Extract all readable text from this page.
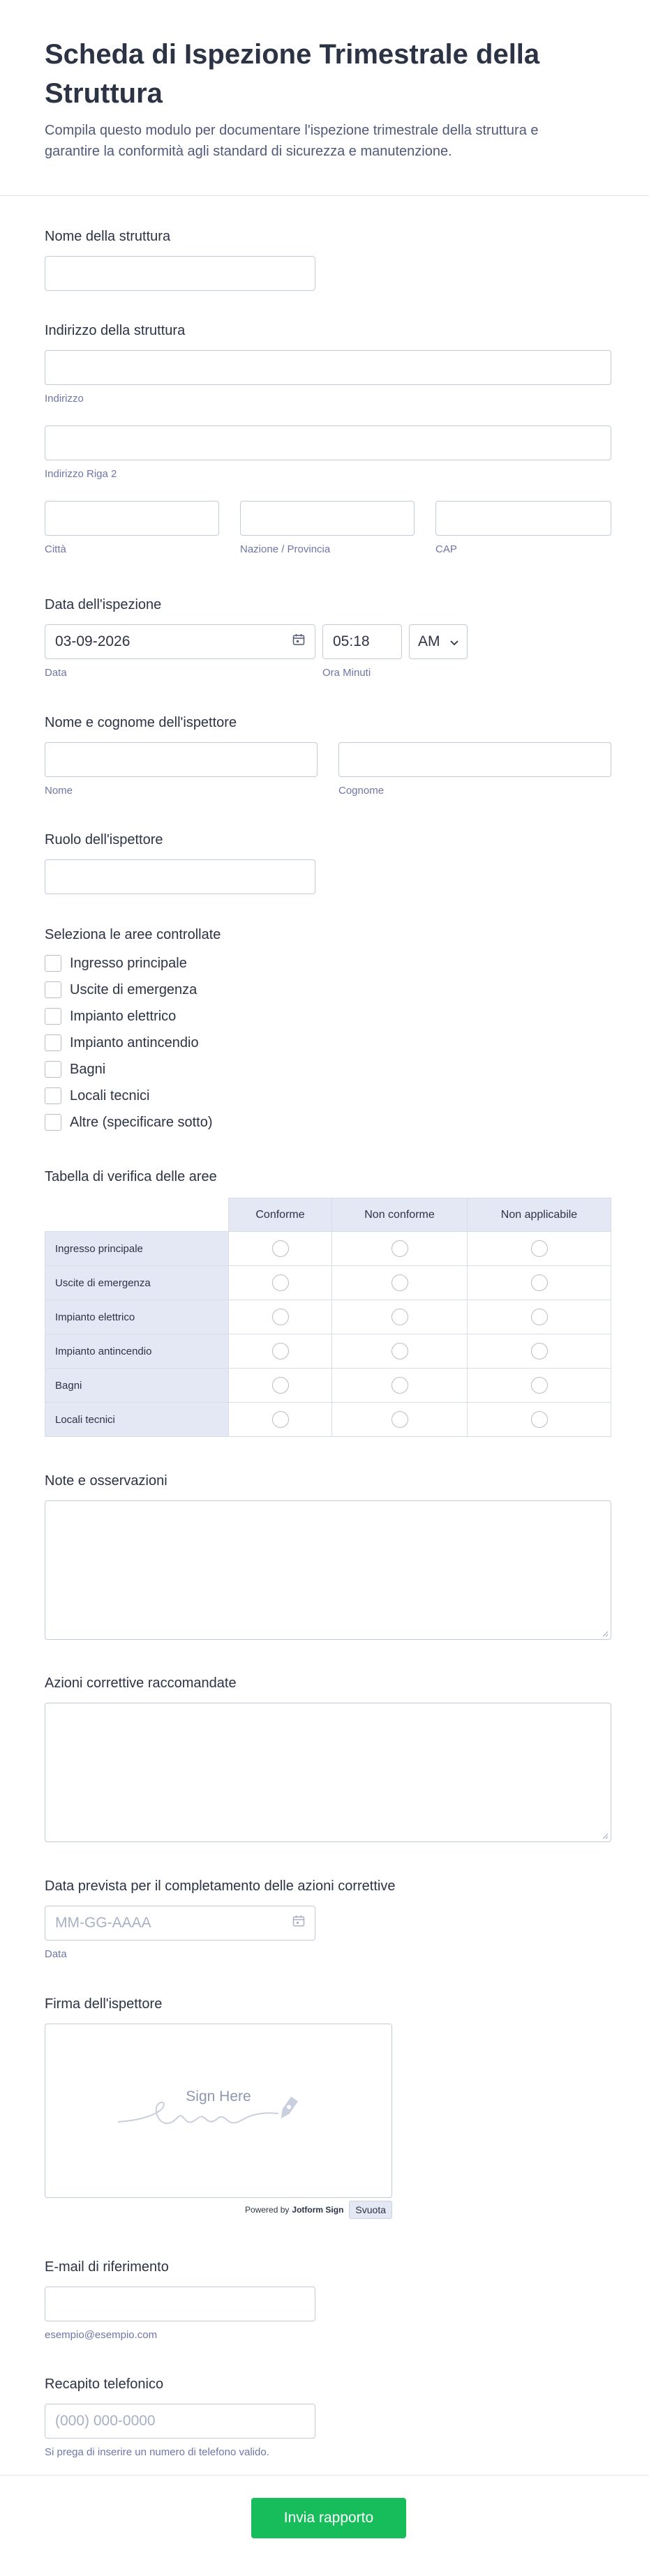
Scheda di Ispezione Trimestrale della Struttura

Compila questo modulo per documentare l'ispezione trimestrale della struttura e garantire la conformità agli standard di sicurezza e manutenzione.

Nome della struttura
Indirizzo della struttura
Indirizzo
Indirizzo Riga 2
Città	Nazione / Provincia	CAP
Data dell'ispezione
03-09-2026
Data
05:18
Ora Minuti
AM
Nome e cognome dell'ispettore
Nome	Cognome
Ruolo dell'ispettore
Seleziona le aree controllate
Ingresso principale
Uscite di emergenza
Impianto elettrico
Impianto antincendio
Bagni
Locali tecnici
Altre (specificare sotto)
Tabella di verifica delle aree
	Conforme	Non conforme	Non applicabile
Ingresso principale			
Uscite di emergenza			
Impianto elettrico			
Impianto antincendio			
Bagni			
Locali tecnici			
Note e osservazioni
Azioni correttive raccomandate
Data prevista per il completamento delle azioni correttive
MM-GG-AAAA
Data
Firma dell'ispettore
Sign Here
Powered by Jotform Sign	Svuota
E-mail di riferimento
esempio@esempio.com
Recapito telefonico
(000) 000-0000
Si prega di inserire un numero di telefono valido.
Invia rapporto
